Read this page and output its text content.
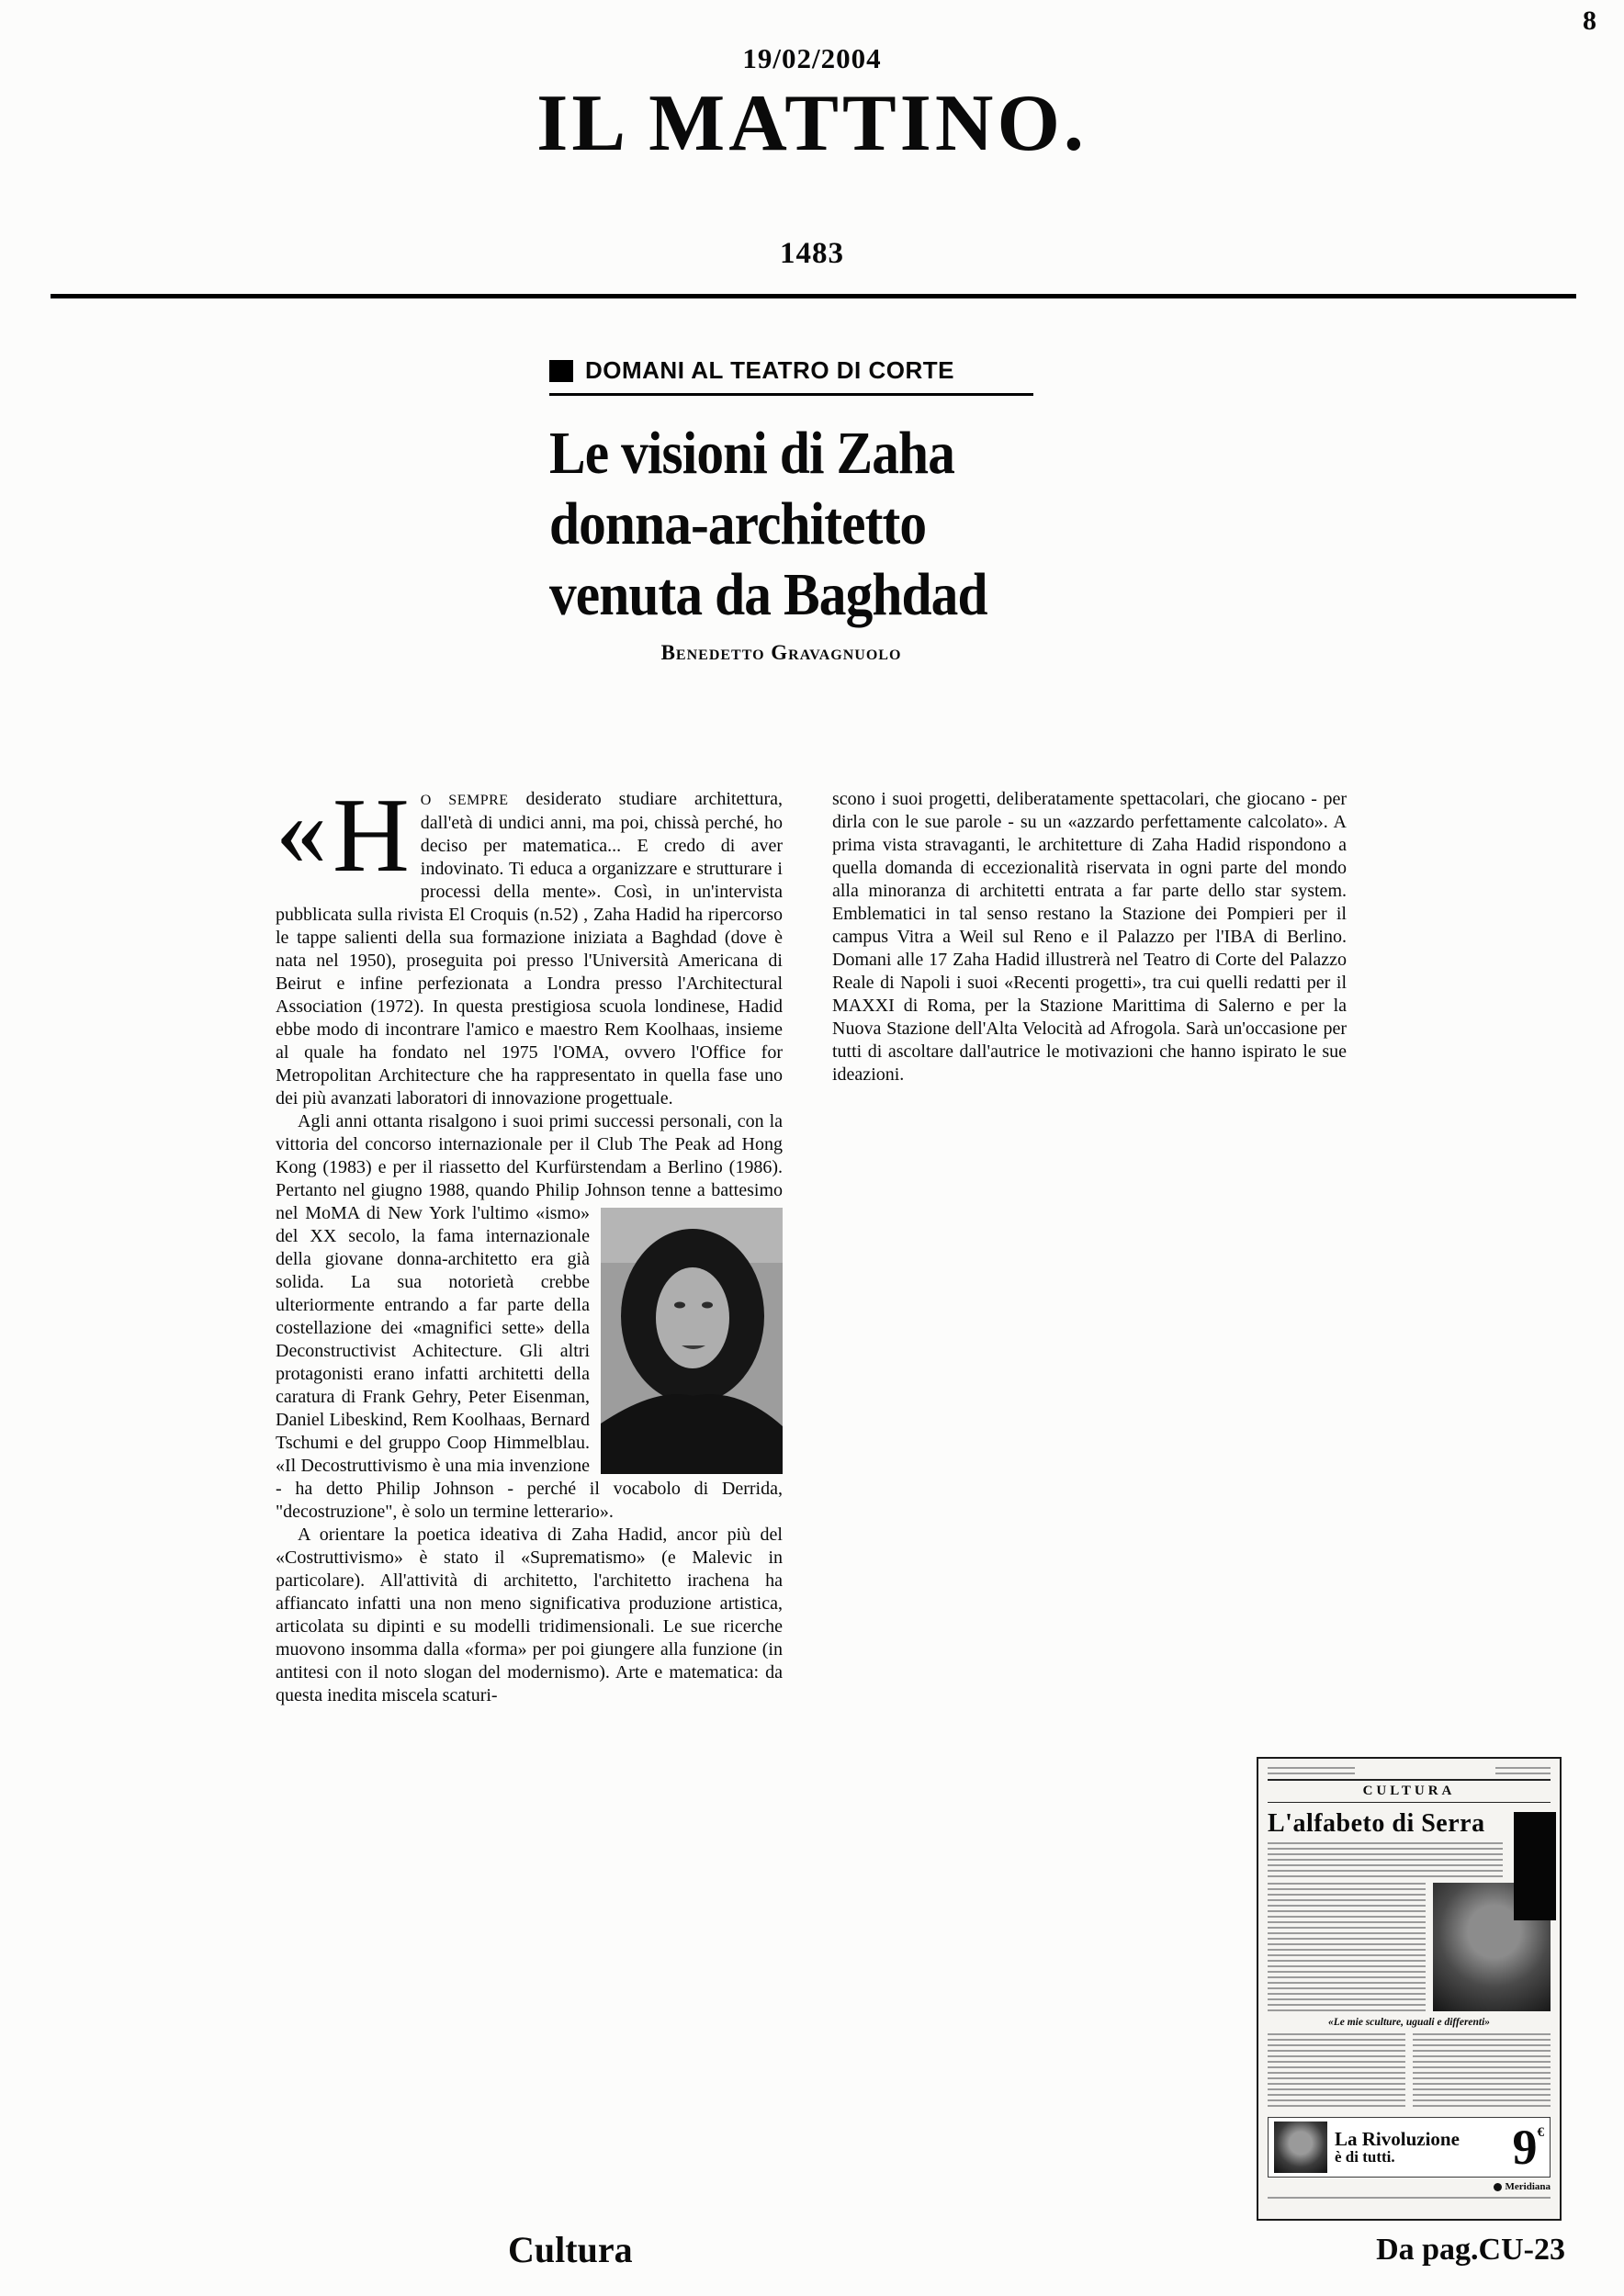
8
19/02/2004
IL MATTINO.
1483
DOMANI AL TEATRO DI CORTE
Le visioni di Zaha
donna-architetto
venuta da Baghdad
Benedetto Gravagnuolo

« H O SEMPRE desiderato studiare architettura, dall'età di undici anni, ma poi, chissà perché, ho deciso per matematica... E credo di aver indovinato. Ti educa a organizzare e strutturare i processi della mente». Così, in un'intervista pubblicata sulla rivista El Croquis (n.52) , Zaha Hadid ha ripercorso le tappe salienti della sua formazione iniziata a Baghdad (dove è nata nel 1950), proseguita poi presso l'Università Americana di Beirut e infine perfezionata a Londra presso l'Architectural Association (1972). In questa prestigiosa scuola londinese, Hadid ebbe modo di incontrare l'amico e maestro Rem Koolhaas, insieme al quale ha fondato nel 1975 l'OMA, ovvero l'Office for Metropolitan Architecture che ha rappresentato in quella fase uno dei più avanzati laboratori di innovazione progettuale.

Agli anni ottanta risalgono i suoi primi successi personali, con la vittoria del concorso internazionale per il Club The Peak ad Hong Kong (1983) e per il riassetto del Kurfürstendam a Berlino (1986). Pertanto nel giugno 1988, quando Philip Johnson tenne a battesimo
nel MoMA di New York l'ultimo «ismo» del XX secolo, la fama internazionale della giovane donna-architetto era già solida. La sua notorietà crebbe ulteriormente entrando a far parte della costellazione dei «magnifici sette» della Deconstructivist Achitecture. Gli altri protagonisti erano infatti architetti della caratura di Frank Gehry, Peter Eisenman, Daniel Libeskind, Rem Koolhaas, Bernard Tschumi e del gruppo Coop Himmelblau. «Il Decostruttivismo è una mia invenzione - ha detto Philip Johnson - perché il vocabolo di Derrida, "decostruzione", è solo un termine letterario».

A orientare la poetica ideativa di Zaha Hadid, ancor più del «Costruttivismo» è stato il «Suprematismo» (e Malevic in particolare). All'attività di architetto, l'architetto irachena ha affiancato infatti una non meno significativa produzione artistica, articolata su dipinti e su modelli tridimensionali. Le sue ricerche muovono insomma dalla «forma» per poi giungere alla funzione (in antitesi con il noto slogan del modernismo). Arte e matematica: da questa inedita miscela scaturi-

scono i suoi progetti, deliberatamente spettacolari, che giocano - per dirla con le sue parole - su un «azzardo perfettamente calcolato». A prima vista stravaganti, le architetture di Zaha Hadid rispondono a quella domanda di eccezionalità riservata in ogni parte del mondo alla minoranza di architetti entrata a far parte dello star system. Emblematici in tal senso restano la Stazione dei Pompieri per il campus Vitra a Weil sul Reno e il Palazzo per l'IBA di Berlino. Domani alle 17 Zaha Hadid illustrerà nel Teatro di Corte del Palazzo Reale di Napoli i suoi «Recenti progetti», tra cui quelli redatti per il MAXXI di Roma, per la Stazione Marittima di Salerno e per la Nuova Stazione dell'Alta Velocità ad Afrogola. Sarà un'occasione per tutti di ascoltare dall'autrice le motivazioni che hanno ispirato le sue ideazioni.

CULTURA
L'alfabeto di Serra
«Le mie sculture, uguali e differenti»
La Rivoluzione
è di tutti.	9 €
Meridiana
Cultura	Da pag.CU-23
